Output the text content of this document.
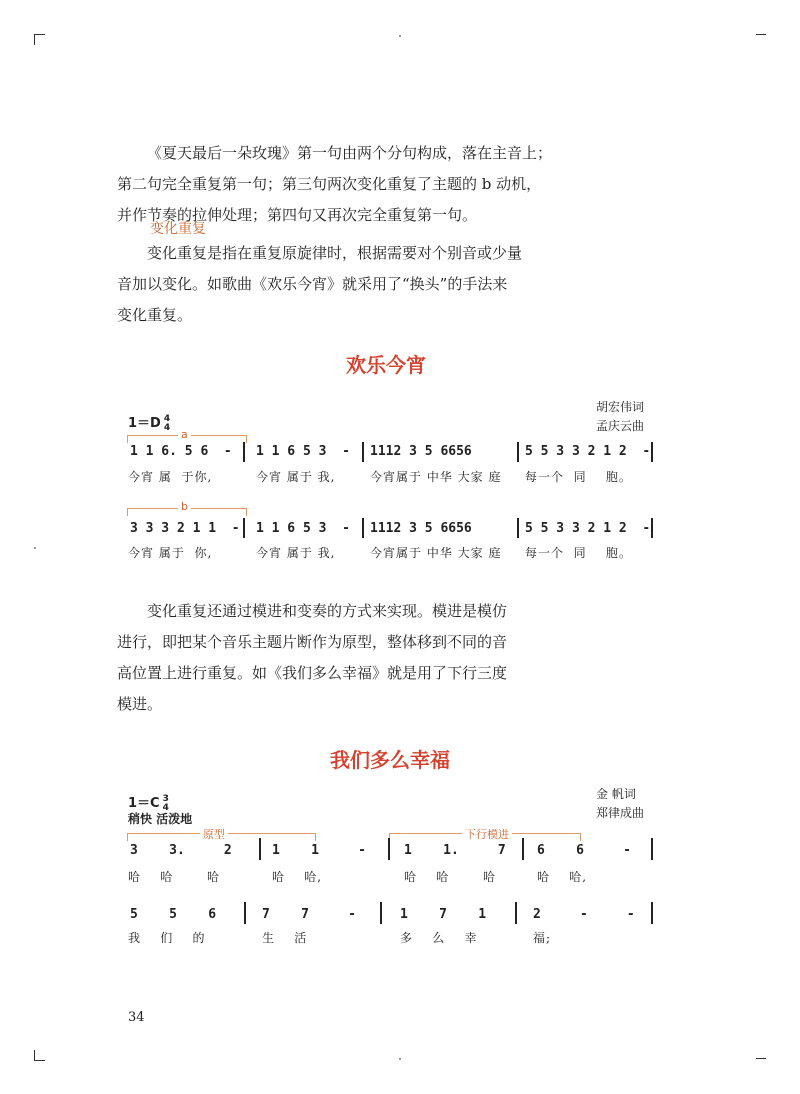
《夏天最后一朵玫瑰》第一句由两个分句构成，落在主音上；
第二句完全重复第一句；第三句两次变化重复了主题的 b 动机，
并作节奏的拉伸处理；第四句又再次完全重复第一句。

变化重复

变化重复是指在重复原旋律时，根据需要对个别音或少量
音加以变化。如歌曲《欢乐今宵》就采用了“换头”的手法来
变化重复。

欢乐今宵
胡宏伟词
孟庆云曲
1＝D 4
4
a
1 1 6. 5 6  - 1 1 6 5 3  - 1112 3 5 6656	5 5 3 3 2 1 2  -
今宵 属  于你,	今宵 属于 我,	今宵属于 中华 大家 庭 每一个  同    胞。
b
3 3 3 2 1 1  - 1 1 6 5 3  - 1112 3 5 6656	5 5 3 3 2 1 2  -
今宵 属于  你,	今宵 属于 我,	今宵属于 中华 大家 庭 每一个  同    胞。

变化重复还通过模进和变奏的方式来实现。模进是模仿
进行，即把某个音乐主题片断作为原型，整体移到不同的音
高位置上进行重复。如《我们多么幸福》就是用了下行三度
模进。

我们多么幸福
金 帆词
郑律成曲
1＝C 3
4
稍快 活泼地
原型	下行模进
3    3.     2	1    1     -	1    1.     7 6    6     -
哈    哈       哈	哈    哈,	哈    哈       哈	哈    哈,
5    5    6	7    7     -	1    7    1	2     -     -
我    们    的	生    活	多    么    幸	福;
34
